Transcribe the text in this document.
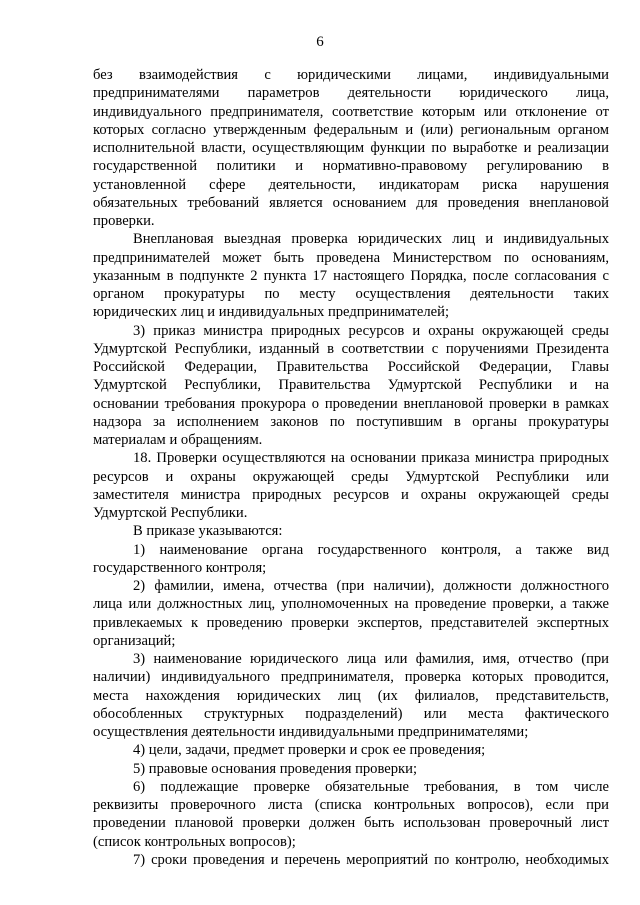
6
без взаимодействия с юридическими лицами, индивидуальными
предпринимателями параметров деятельности юридического лица,
индивидуального предпринимателя, соответствие которым или отклонение от
которых согласно утвержденным федеральным и (или) региональным органом
исполнительной власти, осуществляющим функции по выработке и реализации
государственной политики и нормативно-правовому регулированию в
установленной сфере деятельности, индикаторам риска нарушения
обязательных требований является основанием для проведения внеплановой
проверки.
Внеплановая выездная проверка юридических лиц и индивидуальных
предпринимателей может быть проведена Министерством по основаниям,
указанным в подпункте 2 пункта 17 настоящего Порядка, после согласования с
органом прокуратуры по месту осуществления деятельности таких
юридических лиц и индивидуальных предпринимателей;
3) приказ министра природных ресурсов и охраны окружающей среды
Удмуртской Республики, изданный в соответствии с поручениями Президента
Российской Федерации, Правительства Российской Федерации, Главы
Удмуртской Республики, Правительства Удмуртской Республики и на
основании требования прокурора о проведении внеплановой проверки в рамках
надзора за исполнением законов по поступившим в органы прокуратуры
материалам и обращениям.
18. Проверки осуществляются на основании приказа министра природных
ресурсов и охраны окружающей среды Удмуртской Республики или
заместителя министра природных ресурсов и охраны окружающей среды
Удмуртской Республики.
В приказе указываются:
1) наименование органа государственного контроля, а также вид
государственного контроля;
2) фамилии, имена, отчества (при наличии), должности должностного
лица или должностных лиц, уполномоченных на проведение проверки, а также
привлекаемых к проведению проверки экспертов, представителей экспертных
организаций;
3) наименование юридического лица или фамилия, имя, отчество (при
наличии) индивидуального предпринимателя, проверка которых проводится,
места нахождения юридических лиц (их филиалов, представительств,
обособленных структурных подразделений) или места фактического
осуществления деятельности индивидуальными предпринимателями;
4) цели, задачи, предмет проверки и срок ее проведения;
5) правовые основания проведения проверки;
6) подлежащие проверке обязательные требования, в том числе
реквизиты проверочного листа (списка контрольных вопросов), если при
проведении плановой проверки должен быть использован проверочный лист
(список контрольных вопросов);
7) сроки проведения и перечень мероприятий по контролю, необходимых
